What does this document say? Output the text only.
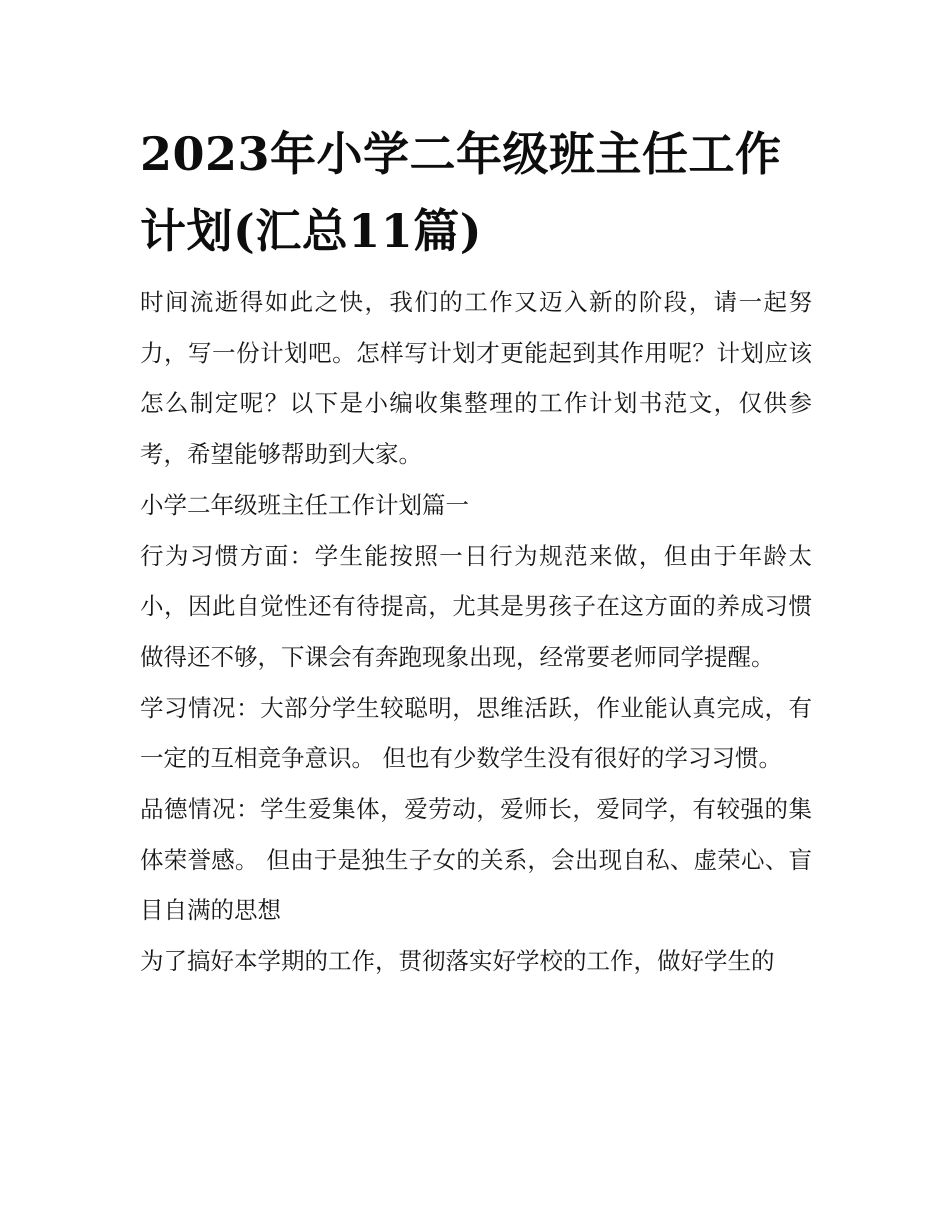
2023年小学二年级班主任工作计划(汇总11篇)

时间流逝得如此之快，我们的工作又迈入新的阶段，请一起努力，写一份计划吧。怎样写计划才更能起到其作用呢？计划应该怎么制定呢？以下是小编收集整理的工作计划书范文，仅供参考，希望能够帮助到大家。

小学二年级班主任工作计划篇一

行为习惯方面：学生能按照一日行为规范来做，但由于年龄太小，因此自觉性还有待提高，尤其是男孩子在这方面的养成习惯做得还不够，下课会有奔跑现象出现，经常要老师同学提醒。

学习情况：大部分学生较聪明，思维活跃，作业能认真完成，有一定的互相竞争意识。 但也有少数学生没有很好的学习习惯。

品德情况：学生爱集体，爱劳动，爱师长，爱同学，有较强的集体荣誉感。 但由于是独生子女的关系，会出现自私、虚荣心、盲目自满的思想

为了搞好本学期的工作，贯彻落实好学校的工作，做好学生的
